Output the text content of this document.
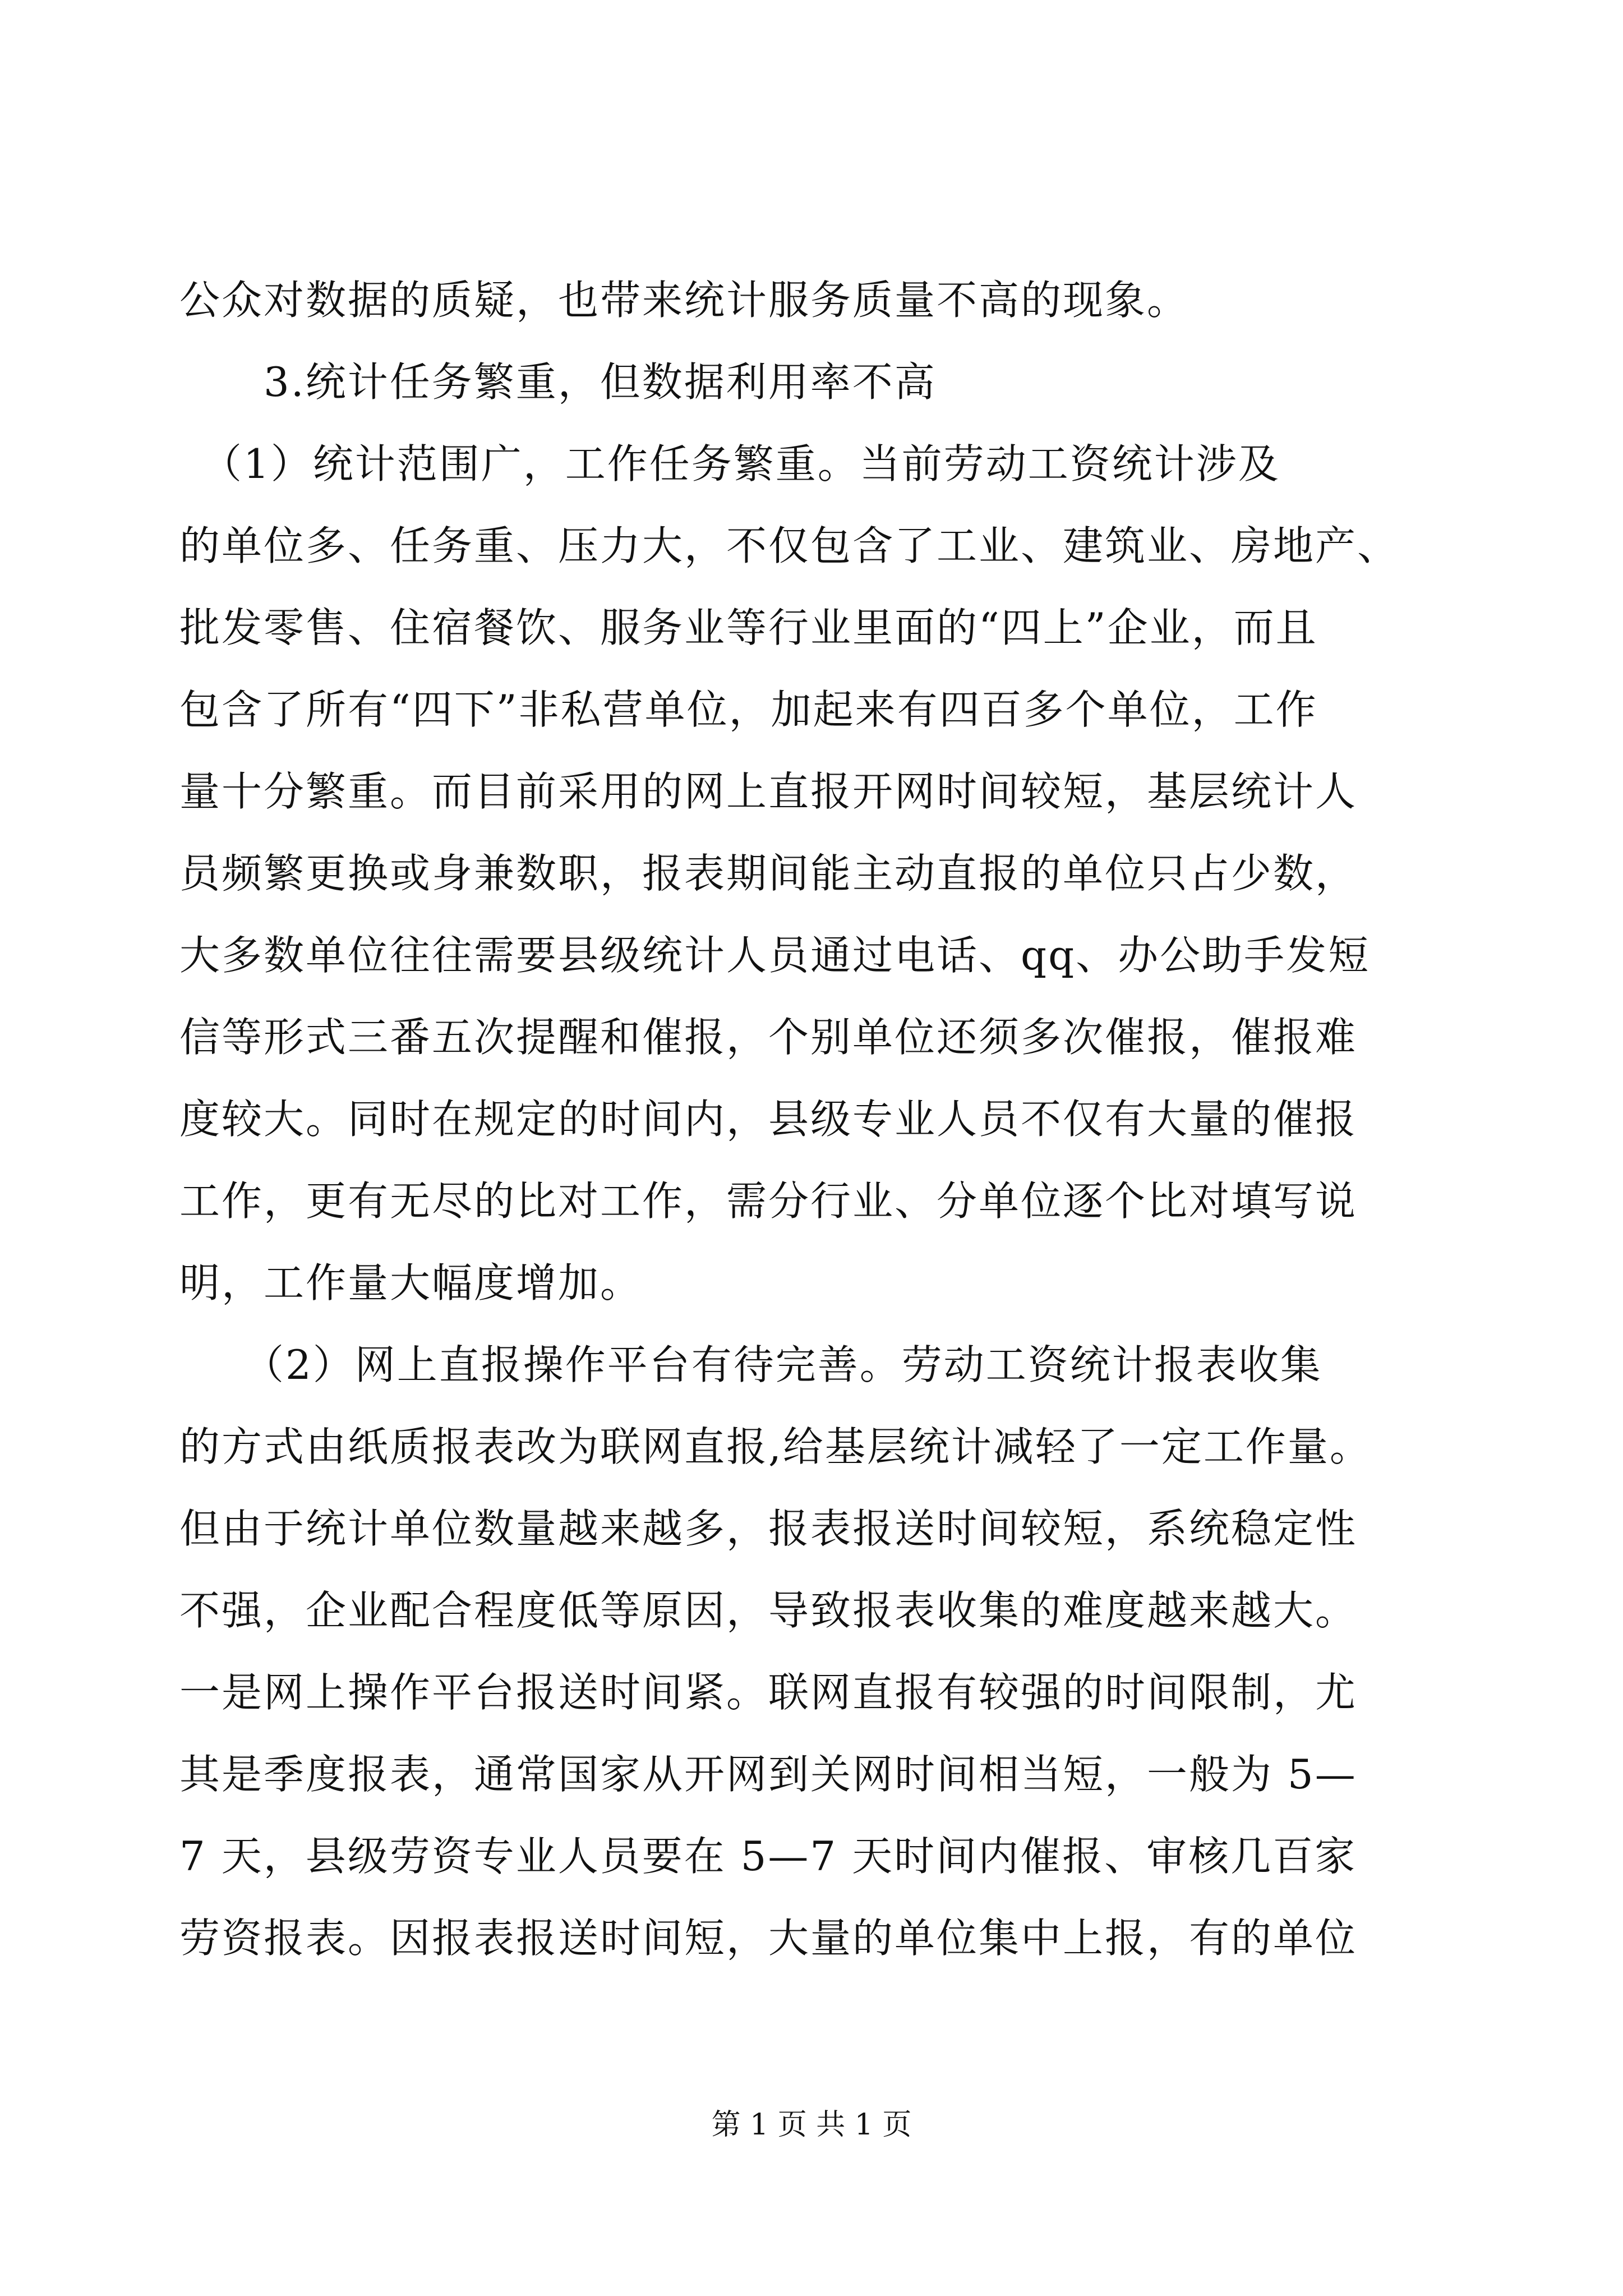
公众对数据的质疑，也带来统计服务质量不高的现象。
　　3.统计任务繁重，但数据利用率不高
　（1）统计范围广，工作任务繁重。当前劳动工资统计涉及
的单位多、任务重、压力大，不仅包含了工业、建筑业、房地产、
批发零售、住宿餐饮、服务业等行业里面的“四上”企业，而且
包含了所有“四下”非私营单位，加起来有四百多个单位，工作
量十分繁重。而目前采用的网上直报开网时间较短，基层统计人
员频繁更换或身兼数职，报表期间能主动直报的单位只占少数，
大多数单位往往需要县级统计人员通过电话、qq、办公助手发短
信等形式三番五次提醒和催报，个别单位还须多次催报，催报难
度较大。同时在规定的时间内，县级专业人员不仅有大量的催报
工作，更有无尽的比对工作，需分行业、分单位逐个比对填写说
明，工作量大幅度增加。
　　（2）网上直报操作平台有待完善。劳动工资统计报表收集
的方式由纸质报表改为联网直报,给基层统计减轻了一定工作量。
但由于统计单位数量越来越多，报表报送时间较短，系统稳定性
不强，企业配合程度低等原因，导致报表收集的难度越来越大。
一是网上操作平台报送时间紧。联网直报有较强的时间限制，尤
其是季度报表，通常国家从开网到关网时间相当短，一般为 5—
7 天，县级劳资专业人员要在 5—7 天时间内催报、审核几百家
劳资报表。因报表报送时间短，大量的单位集中上报，有的单位
第 1 页 共 1 页
